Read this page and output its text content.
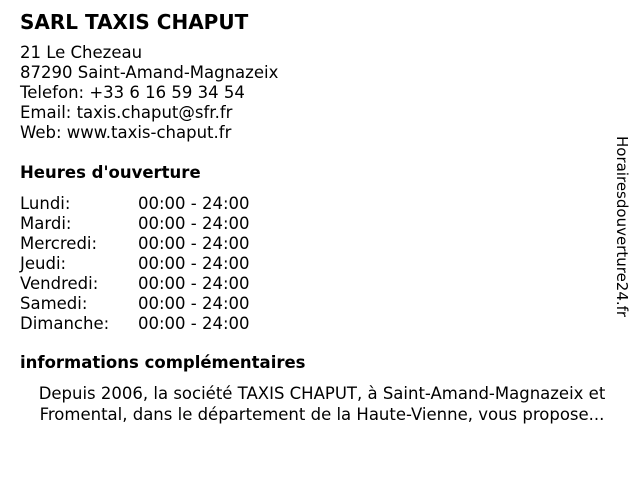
SARL TAXIS CHAPUT
21 Le Chezeau
87290 Saint-Amand-Magnazeix
Telefon: +33 6 16 59 34 54
Email: taxis.chaput@sfr.fr
Web: www.taxis-chaput.fr
Heures d'ouverture
Lundi:	00:00 - 24:00
Mardi:	00:00 - 24:00
Mercredi:	00:00 - 24:00
Jeudi:	00:00 - 24:00
Vendredi:	00:00 - 24:00
Samedi:	00:00 - 24:00
Dimanche:	00:00 - 24:00
informations complémentaires
Depuis 2006, la société TAXIS CHAPUT, à Saint-Amand-Magnazeix et Fromental, dans le département de la Haute-Vienne, vous propose...
Horairesdouverture24.fr
